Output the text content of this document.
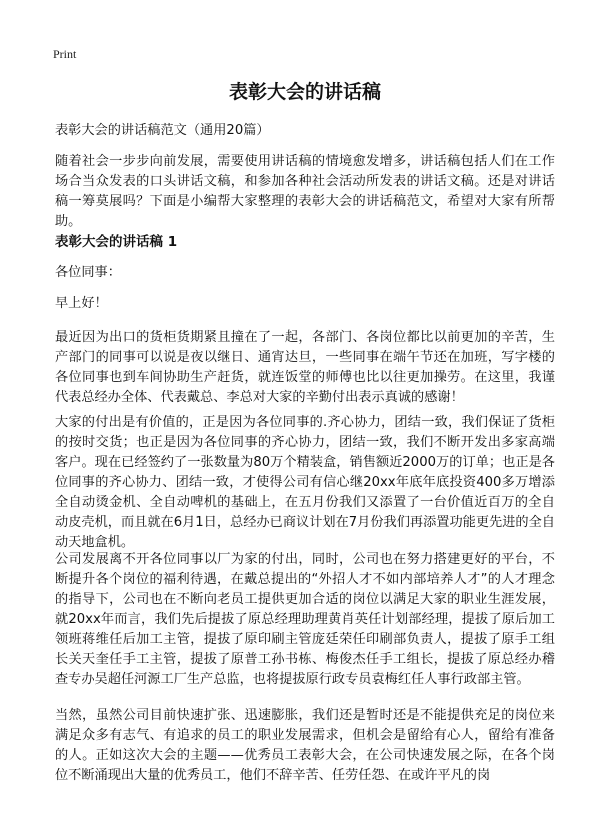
Print
表彰大会的讲话稿

表彰大会的讲话稿范文（通用20篇）

随着社会一步步向前发展，需要使用讲话稿的情境愈发增多，讲话稿包括人们在工作场合当众发表的口头讲话文稿，和参加各种社会活动所发表的讲话文稿。还是对讲话稿一筹莫展吗？下面是小编帮大家整理的表彰大会的讲话稿范文，希望对大家有所帮助。

表彰大会的讲话稿 1

各位同事：

早上好！

最近因为出口的货柜货期紧且撞在了一起，各部门、各岗位都比以前更加的辛苦，生产部门的同事可以说是夜以继日、通宵达旦，一些同事在端午节还在加班，写字楼的各位同事也到车间协助生产赶货，就连饭堂的师傅也比以往更加操劳。在这里，我谨代表总经办全体、代表戴总、李总对大家的辛勤付出表示真诚的感谢！

大家的付出是有价值的，正是因为各位同事的.齐心协力，团结一致，我们保证了货柜的按时交货；也正是因为各位同事的齐心协力，团结一致，我们不断开发出多家高端客户。现在已经签约了一张数量为80万个精装盒，销售额近2000万的订单；也正是各位同事的齐心协力、团结一致，才使得公司有信心继20xx年底年底投资400多万增添全自动烫金机、全自动啤机的基础上，在五月份我们又添置了一台价值近百万的全自动皮壳机，而且就在6月1日，总经办已商议计划在7月份我们再添置功能更先进的全自动天地盒机。

公司发展离不开各位同事以厂为家的付出，同时，公司也在努力搭建更好的平台，不断提升各个岗位的福利待遇，在戴总提出的“外招人才不如内部培养人才”的人才理念的指导下，公司也在不断向老员工提供更加合适的岗位以满足大家的职业生涯发展，就20xx年而言，我们先后提拔了原总经理助理黄肖英任计划部经理，提拔了原后加工领班蒋维任后加工主管，提拔了原印刷主管庞廷荣任印刷部负责人，提拔了原手工组长关天奎任手工主管，提拔了原普工孙书栋、梅俊杰任手工组长，提拔了原总经办稽查专办吴超任河源工厂生产总监，也将提拔原行政专员袁梅红任人事行政部主管。

当然，虽然公司目前快速扩张、迅速膨胀，我们还是暂时还是不能提供充足的岗位来满足众多有志气、有追求的员工的职业发展需求，但机会是留给有心人，留给有准备的人。正如这次大会的主题——优秀员工表彰大会，在公司快速发展之际，在各个岗位不断涌现出大量的优秀员工，他们不辞辛苦、任劳任怨、在或许平凡的岗
